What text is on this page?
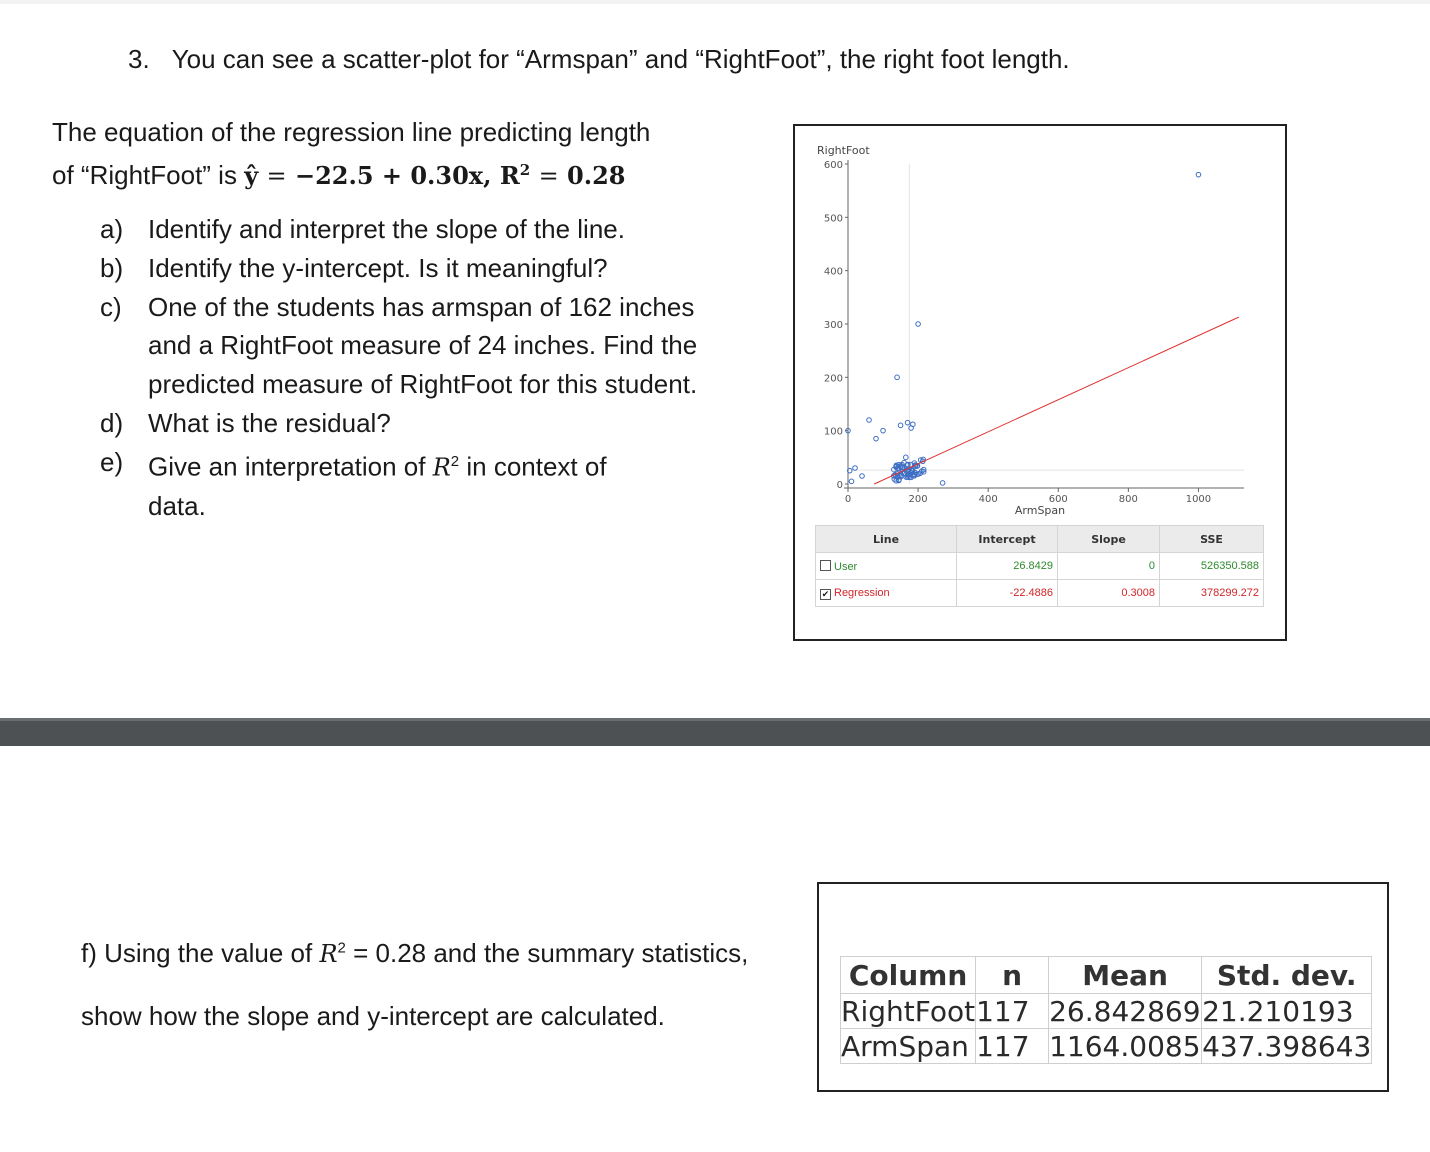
3. You can see a scatter-plot for “Armspan” and “RightFoot”, the right foot length.
The equation of the regression line predicting length
of “RightFoot” is ŷ = −22.5 + 0.30x, $R^2 = 0.28$
a) Identify and interpret the slope of the line.
b) Identify the y-intercept. Is it meaningful?
c)	One of the students has armspan of 162 inches and a RightFoot measure of 24 inches. Find the predicted measure of RightFoot for this student.
d) What is the residual?
e) Give an interpretation of $R^2$ in context of data.
RightFoot
ArmSpan
0
100
200
300
400
500
600
0	200	400	600	800	1000
Line	Intercept	Slope	SSE
User	26.8429	0	526350.588
✔ Regression	-22.4886	0.3008	378299.272
f) Using the value of $R^2 = 0.28$ and the summary statistics,
show how the slope and y-intercept are calculated.
Column	n	Mean	Std. dev.
RightFoot	117	26.842869	21.210193
ArmSpan	117	1164.0085	437.398643
